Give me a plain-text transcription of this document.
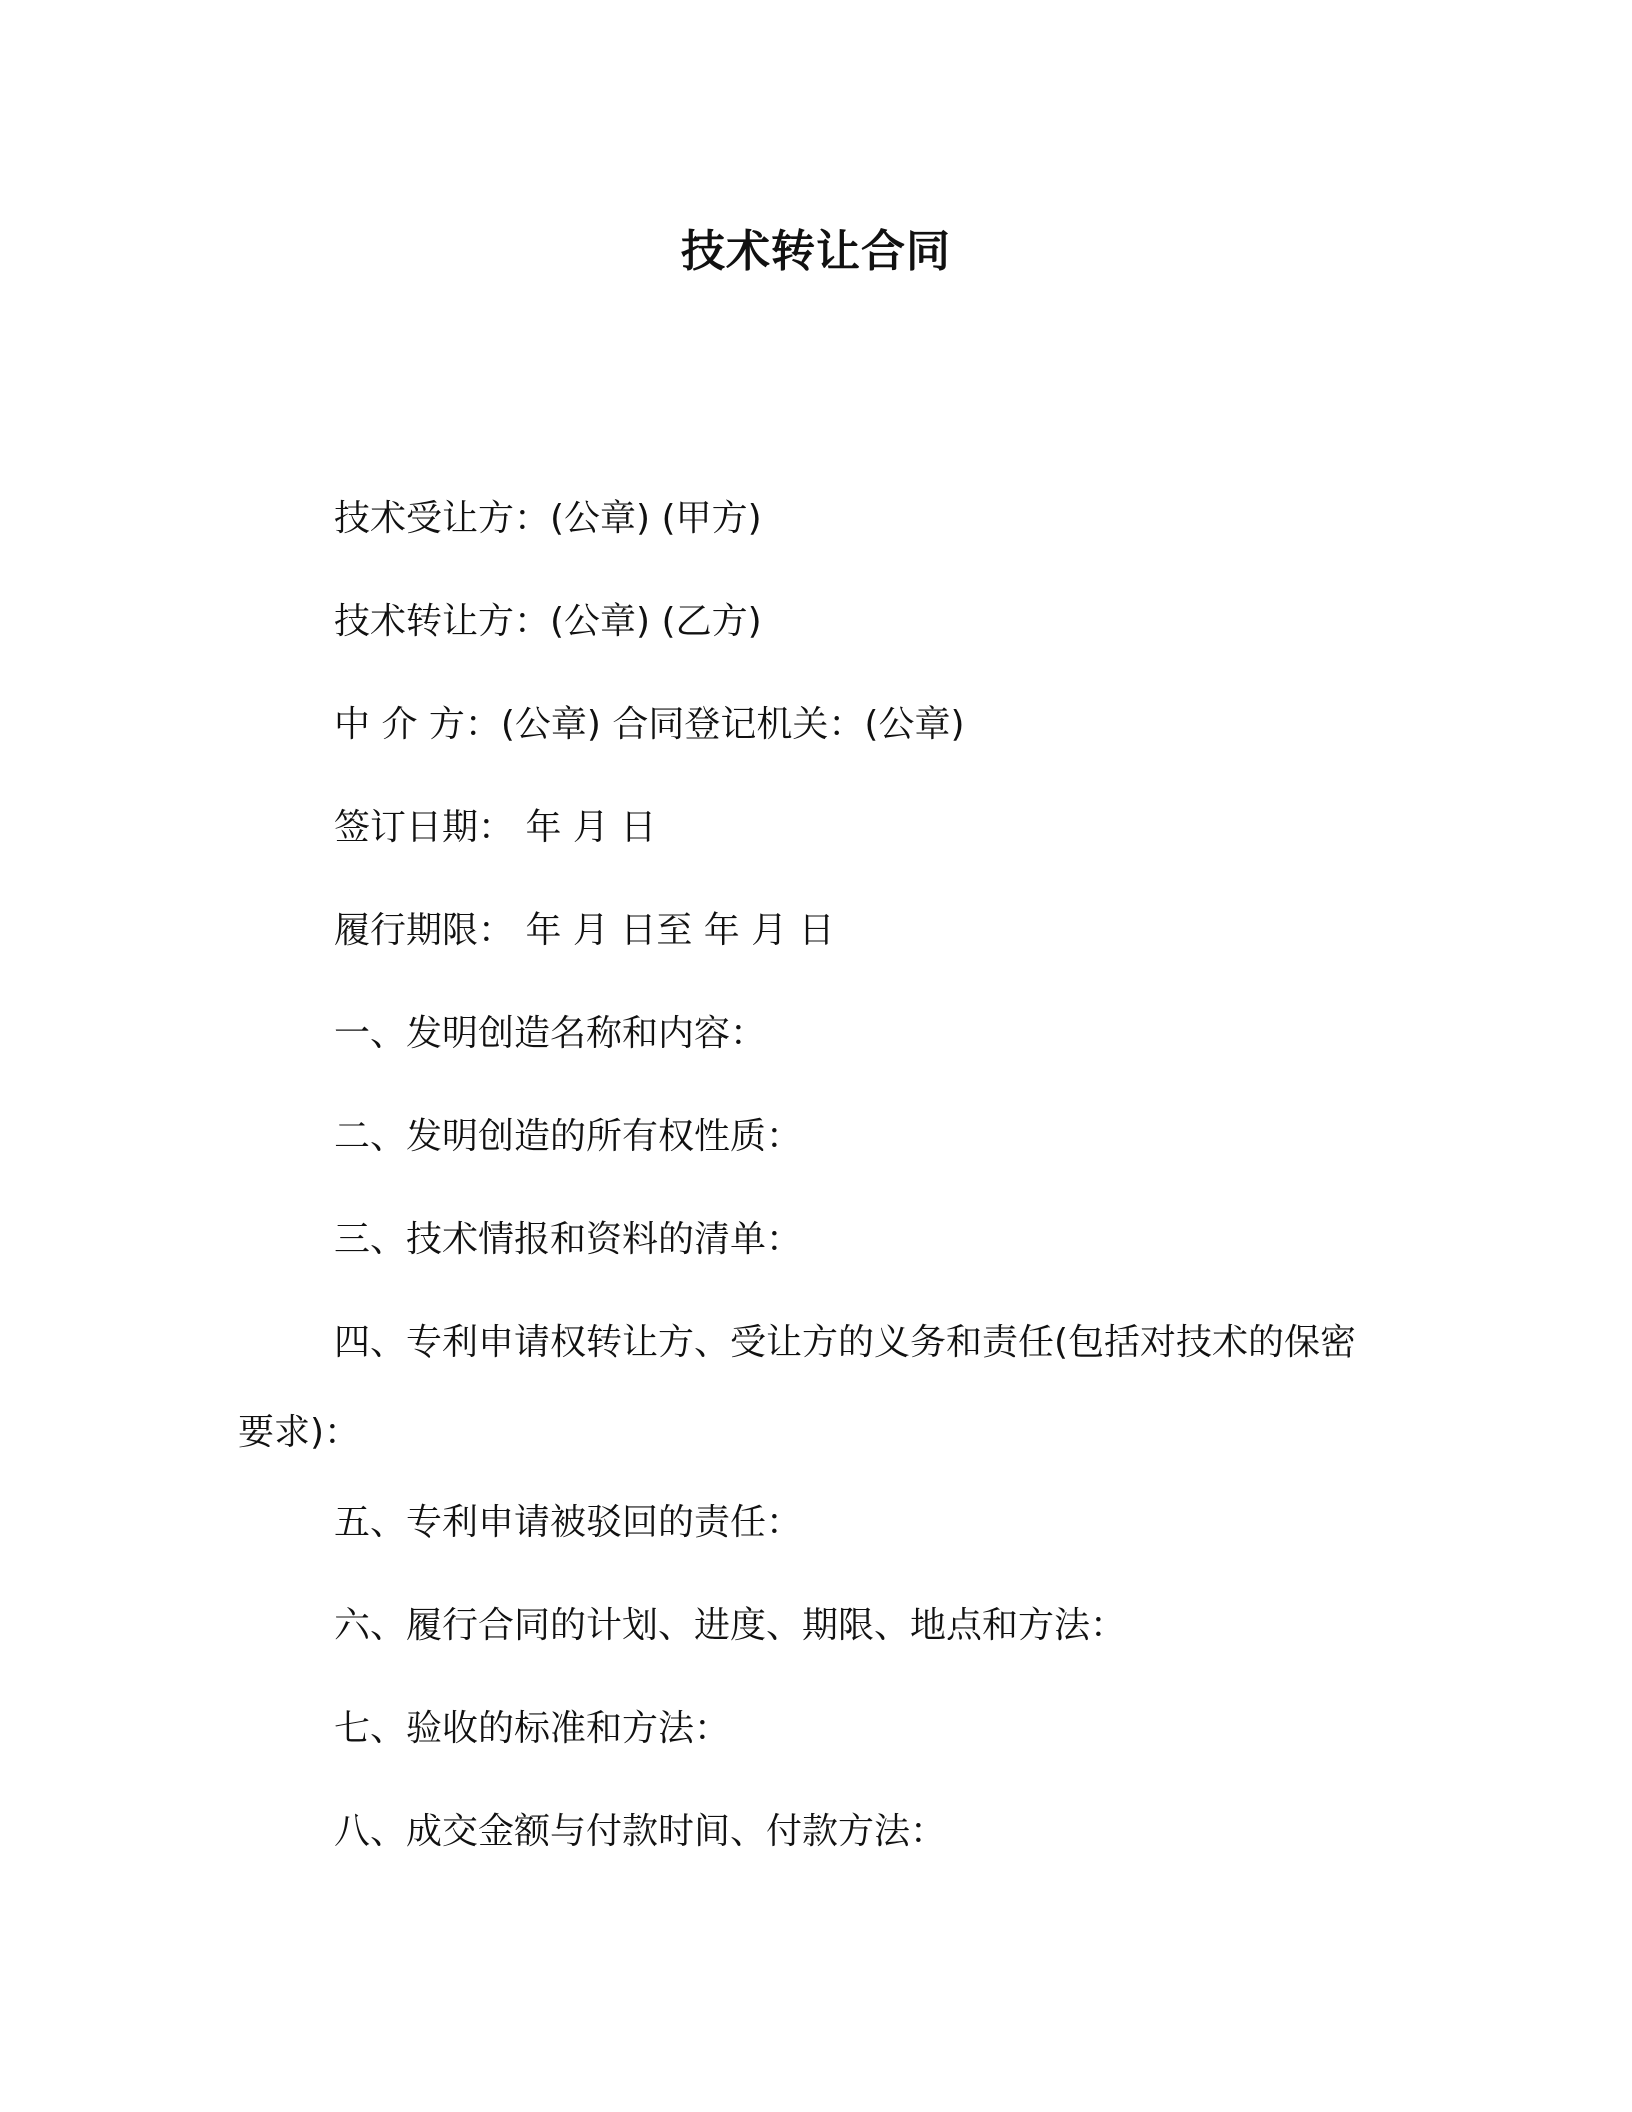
技术转让合同
技术受让方：(公章) (甲方)
技术转让方：(公章) (乙方)
中 介 方：(公章) 合同登记机关：(公章)
签订日期： 年 月 日
履行期限： 年 月 日至 年 月 日
一、发明创造名称和内容：
二、发明创造的所有权性质：
三、技术情报和资料的清单：
四、专利申请权转让方、受让方的义务和责任(包括对技术的保密要求)：
五、专利申请被驳回的责任：
六、履行合同的计划、进度、期限、地点和方法：
七、验收的标准和方法：
八、成交金额与付款时间、付款方法：
